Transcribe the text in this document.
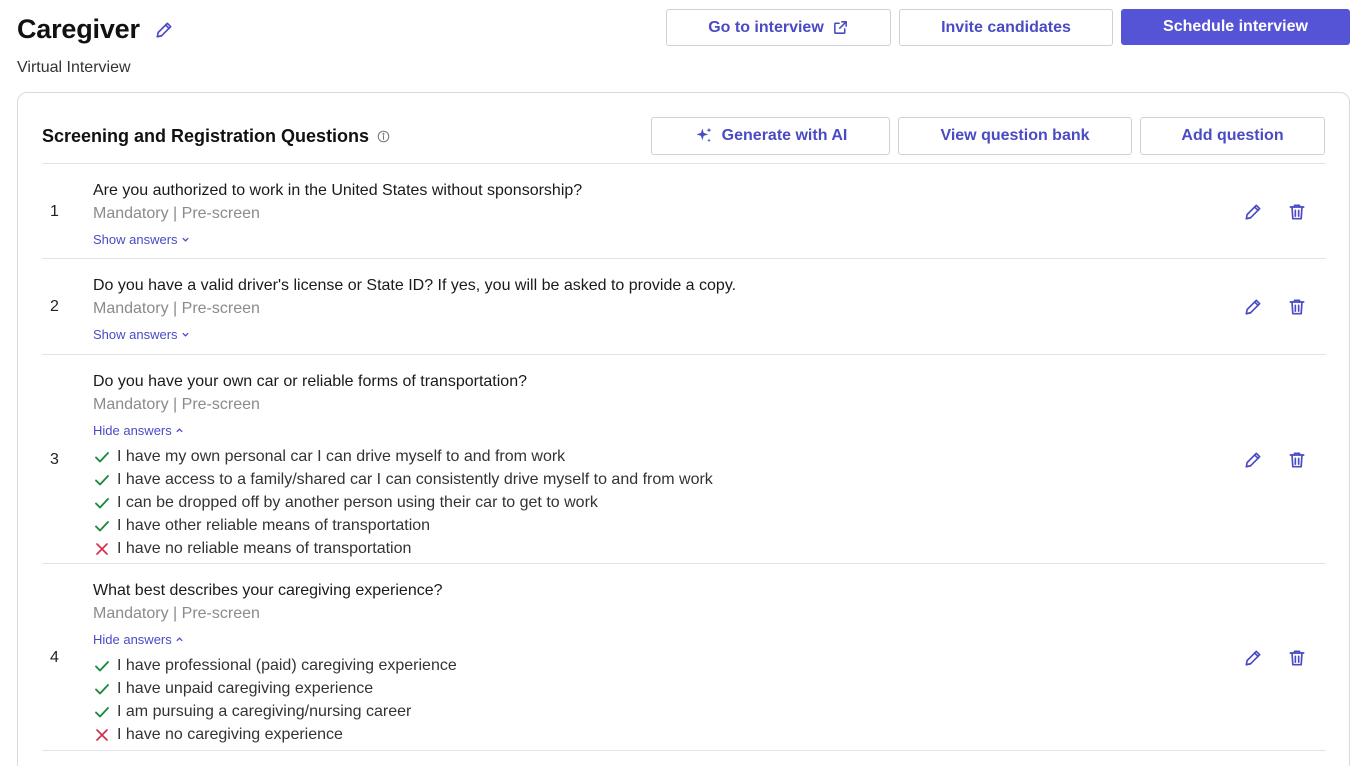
Caregiver
Virtual Interview
Go to interview	Invite candidates	Schedule interview
Screening and Registration Questions	Generate with AI	View question bank	Add question
1
Are you authorized to work in the United States without sponsorship?
Mandatory | Pre-screen
Show answers
2
Do you have a valid driver's license or State ID? If yes, you will be asked to provide a copy.
Mandatory | Pre-screen
Show answers
3
Do you have your own car or reliable forms of transportation?
Mandatory | Pre-screen
Hide answers
I have my own personal car I can drive myself to and from work
I have access to a family/shared car I can consistently drive myself to and from work
I can be dropped off by another person using their car to get to work
I have other reliable means of transportation
I have no reliable means of transportation
4
What best describes your caregiving experience?
Mandatory | Pre-screen
Hide answers
I have professional (paid) caregiving experience
I have unpaid caregiving experience
I am pursuing a caregiving/nursing career
I have no caregiving experience
